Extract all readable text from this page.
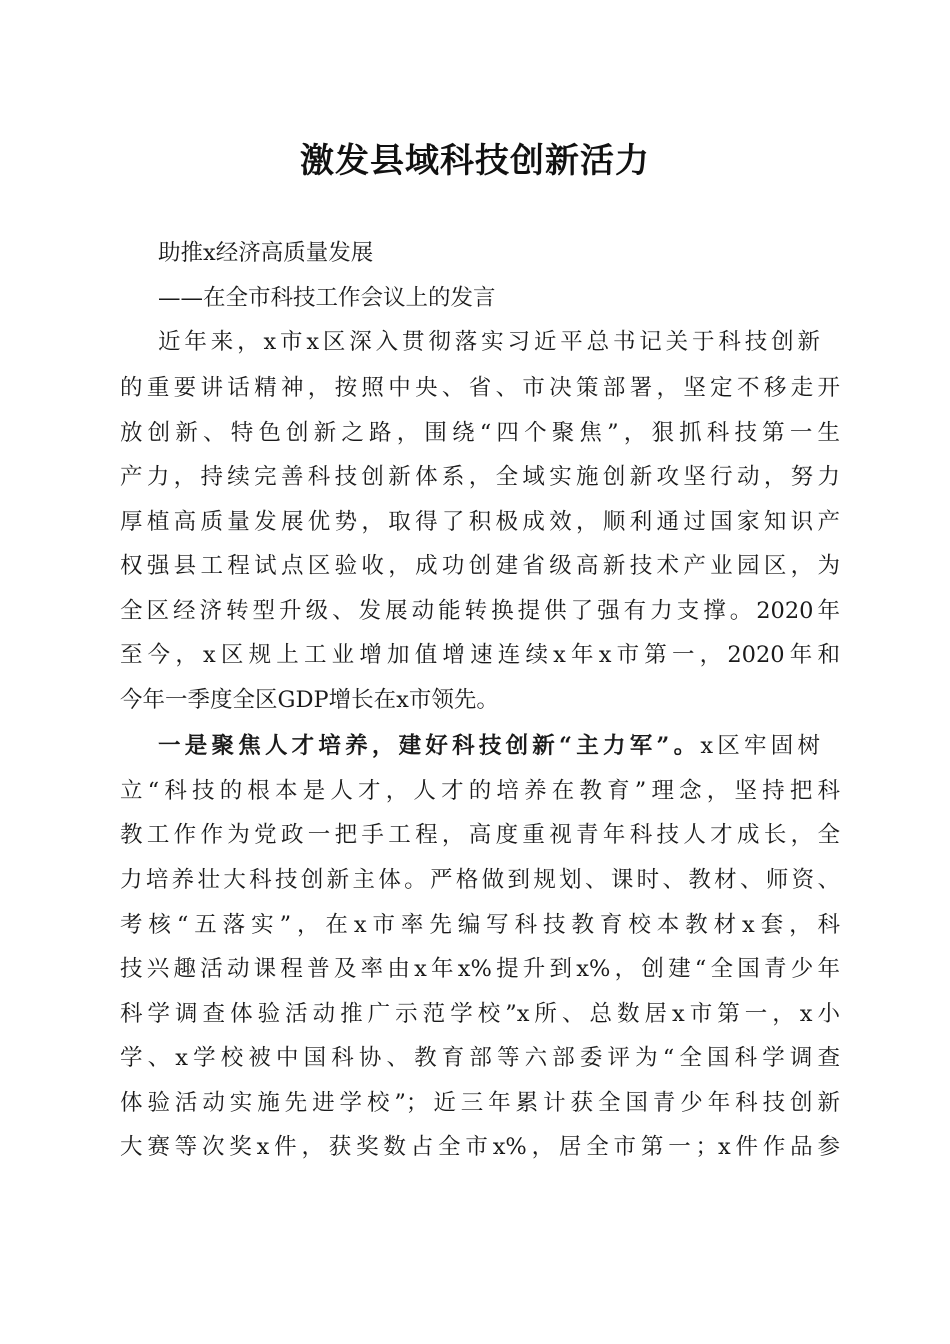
激发县域科技创新活力
助推x经济高质量发展
——在全市科技工作会议上的发言
近年来，x市x区深入贯彻落实习近平总书记关于科技创新
的重要讲话精神，按照中央、省、市决策部署，坚定不移走开
放创新、特色创新之路，围绕“四个聚焦”，狠抓科技第一生
产力，持续完善科技创新体系，全域实施创新攻坚行动，努力
厚植高质量发展优势，取得了积极成效，顺利通过国家知识产
权强县工程试点区验收，成功创建省级高新技术产业园区，为
全区经济转型升级、发展动能转换提供了强有力支撑。2020年
至今，x区规上工业增加值增速连续x年x市第一，2020年和
今年一季度全区GDP增长在x市领先。
一是聚焦人才培养，建好科技创新“主力军”。x区牢固树
立“科技的根本是人才，人才的培养在教育”理念，坚持把科
教工作作为党政一把手工程，高度重视青年科技人才成长，全
力培养壮大科技创新主体。严格做到规划、课时、教材、师资、
考核“五落实”，在x市率先编写科技教育校本教材x套，科
技兴趣活动课程普及率由x年x%提升到x%，创建“全国青少年
科学调查体验活动推广示范学校”x所、总数居x市第一，x小
学、x学校被中国科协、教育部等六部委评为“全国科学调查
体验活动实施先进学校”；近三年累计获全国青少年科技创新
大赛等次奖x件，获奖数占全市x%，居全市第一；x件作品参
